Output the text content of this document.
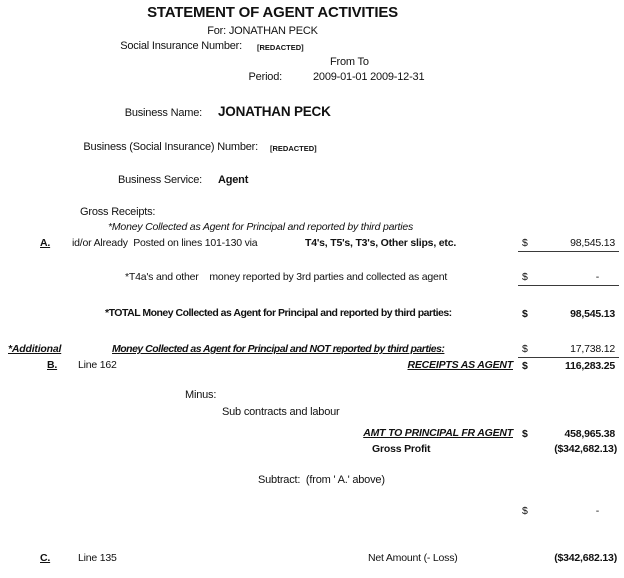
STATEMENT OF AGENT ACTIVITIES
For: JONATHAN PECK
Social Insurance Number: [REDACTED]
From To
Period:	2009-01-01 2009-12-31
Business Name: JONATHAN PECK
Business (Social Insurance) Number: [REDACTED]
Business Service: Agent
Gross Receipts:
*Money Collected as Agent for Principal and reported by third parties
A. id/or Already  Posted on lines 101-130 via	T4's, T5's, T3's, Other slips, etc.	$	98,545.13
*T4a's and other    money reported by 3rd parties and collected as agent	$	-
*TOTAL Money Collected as Agent for Principal and reported by third parties:	$	98,545.13
*Additional	Money Collected as Agent for Principal and NOT reported by third parties:	$	17,738.12
B. Line 162	RECEIPTS AS AGENT $	116,283.25
Minus:
Sub contracts and labour
AMT TO PRINCIPAL FR AGENT $	458,965.38
Gross Profit	($342,682.13)
Subtract:  (from ' A.' above)
$	-
C.	Line 135	Net Amount (- Loss)	($342,682.13)
